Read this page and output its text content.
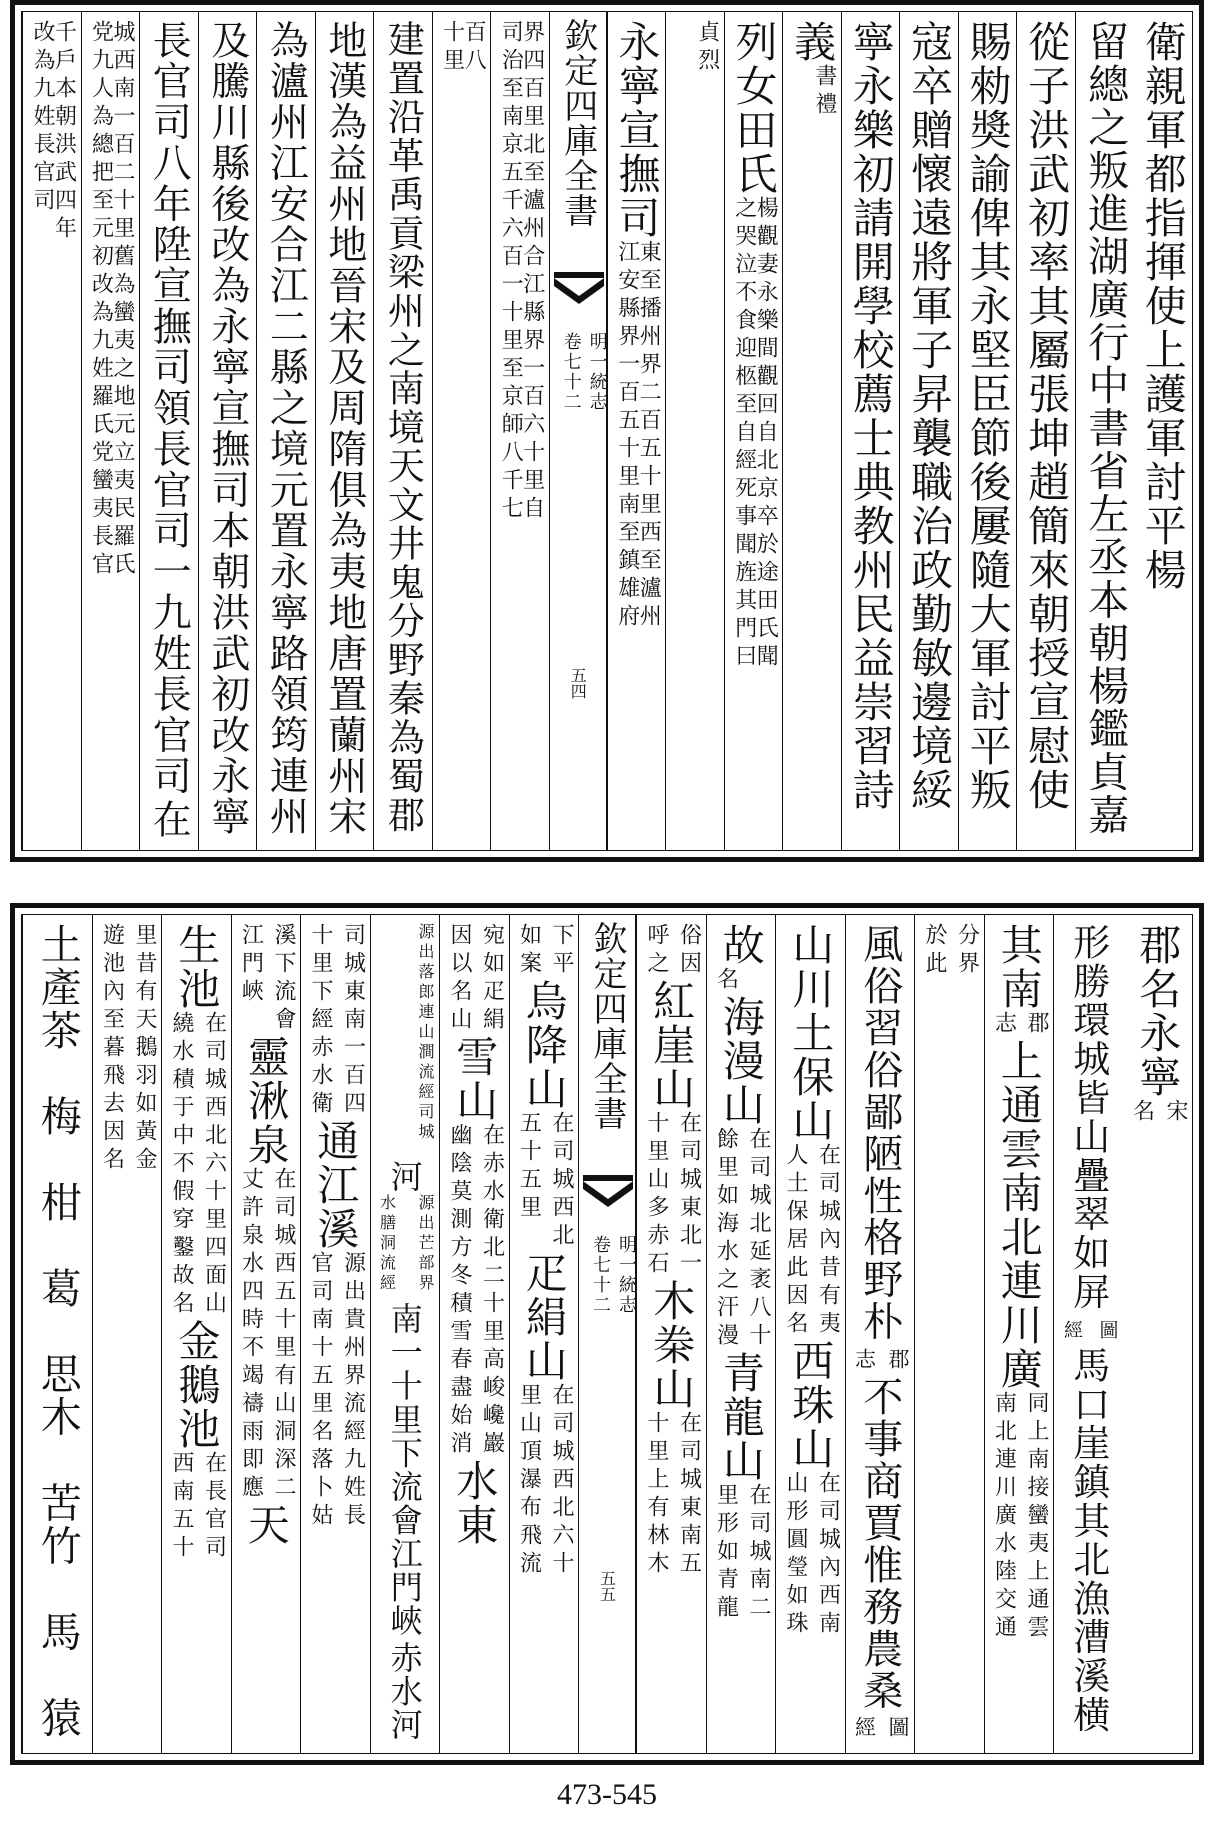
衛親軍都指揮使上護軍討平楊
留總之叛進湖廣行中書省左丞本朝楊鑑貞嘉
從子洪武初率其屬張坤趙簡來朝授宣慰使
賜勑奬諭俾其永堅臣節後屢隨大軍討平叛
寇卒贈懷遠將軍子昇襲職治政勤敏邊境綏
寧永樂初請開學校薦士典教州民益崇習詩
義
書禮
列女田氏
楊觀妻永樂間觀回自北京卒於途田氏聞
之哭泣不食迎柩至自經死事聞旌其門曰
貞烈
永寧宣撫司
東至播州界二百五十里西至瀘州
江安縣界一百五十里南至鎮雄府
界四百里北至瀘州合江縣界一百六十里自
司治至南京五千六百一十里至京師八千七
百八
十里
建置沿革禹貢梁州之南境天文井鬼分野秦為蜀郡
地漢為益州地晉宋及周隋俱為夷地唐置蘭州宋
為瀘州江安合江二縣之境元置永寧路領筠連州
及騰川縣後改為永寧宣撫司本朝洪武初改永寧
長官司八年陞宣撫司領長官司一九姓長官司
在
城西南一百二十里舊為蠻夷之地元立夷民羅氏
党九人為總把至元初改為九姓羅氏党蠻夷長官
千戶本朝洪武四年
改為九姓長官司	欽定四庫全書
明一統志
卷七十二
五四
郡名永寧
宋
名
形勝環城皆山疊翠如屏
圖
經
馬口崖鎮其北漁漕溪横
其南
郡
志
上通雲南北連川廣
同上南接蠻夷上通雲
南北連川廣水陸交通
分界
於此
風俗習俗鄙陋性格野朴
郡
志
不事商賈惟務農桑
圖
經
山川土保山
在司城內昔有夷
人土保居此因名
西珠山
在司城內西南
山形圓瑩如珠
故
名
海漫山
在司城北延袤八十
餘里如海水之汗漫
青龍山
在司城南二
里形如青龍
俗因
呼之
紅崖山
在司城東北一
十里山多赤石
木桊山
在司城東南五
十里上有林木
下平
如案
烏降山
在司城西北
五十五里
疋絹山
在司城西北六十
里山頂瀑布飛流
宛如疋絹
因以名山
雪山
在赤水衛北二十里高峻巉巖
幽陰莫測方冬積雪春盡始消
水東
源出落郎連山澗流經司城
河
源出芒部界
水膳洞流經
南一十里下流會江門峽
赤水河
司城東南一百四
十里下經赤水衛
通江溪
源出貴州界流經九姓長
官司南十五里名落卜姑
溪下流會
江門峽
靈湫泉
在司城西五十里有山洞深二
丈許泉水四時不竭禱雨即應
天
生池
在司城西北六十里四面山
繞水積于中不假穿鑿故名
金鵝池
在長官司
西南五十
里昔有天鵝羽如黃金
遊池內至暮飛去因名
土產茶　梅　柑　葛　思木　苦竹　馬　猿	欽定四庫全書
明一統志
卷七十二
五五
473-545
